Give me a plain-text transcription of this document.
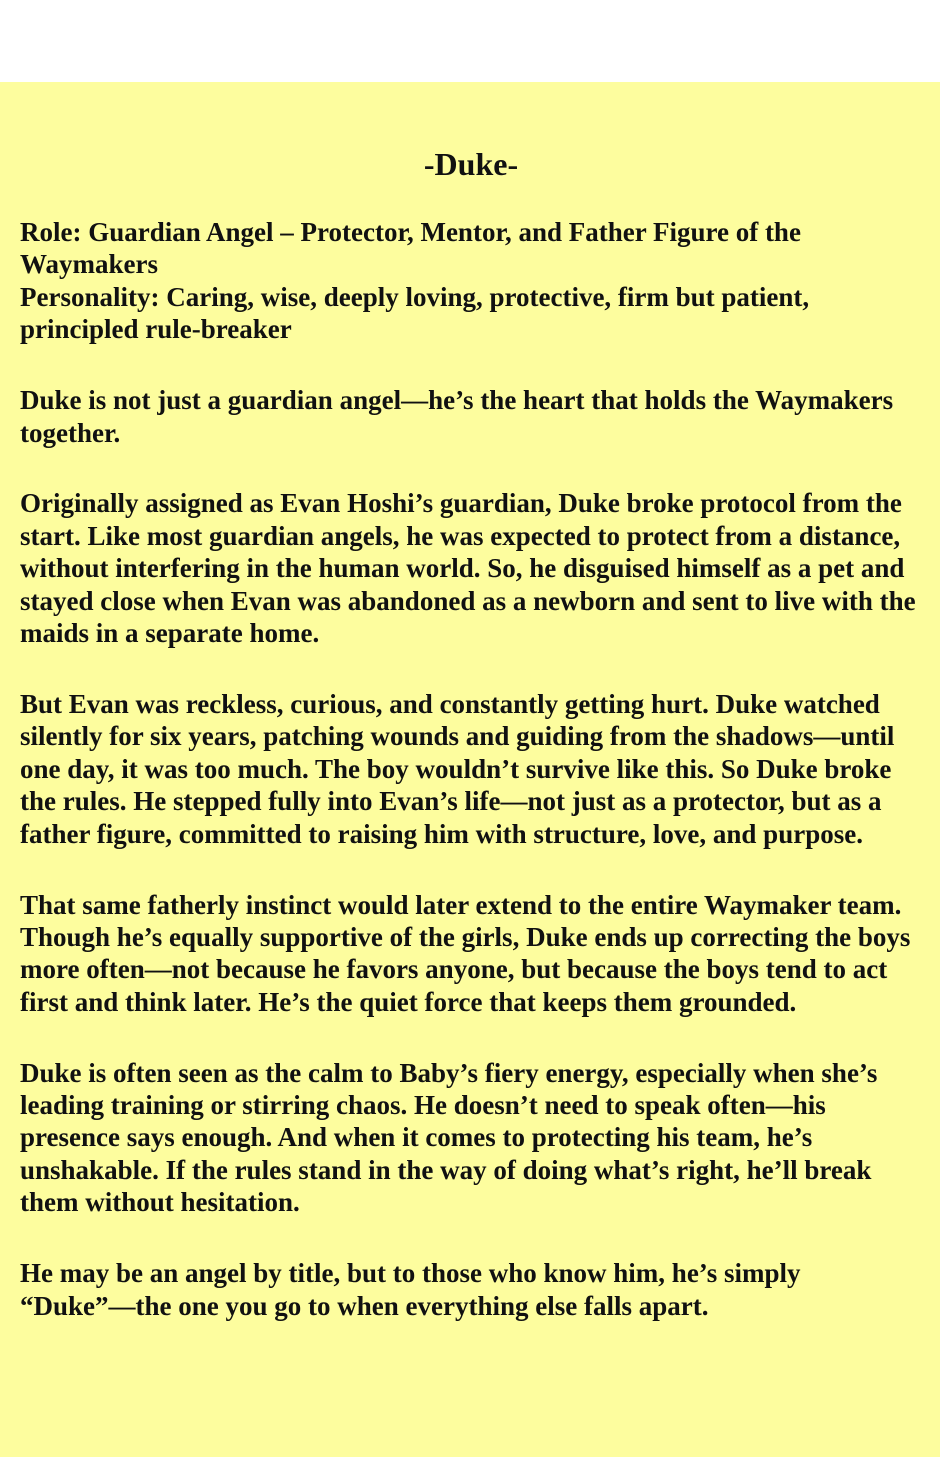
-Duke-
Role: Guardian Angel – Protector, Mentor, and Father Figure of the Waymakers
Personality: Caring, wise, deeply loving, protective, firm but patient, principled rule-breaker
Duke is not just a guardian angel—he’s the heart that holds the Waymakers together.
Originally assigned as Evan Hoshi’s guardian, Duke broke protocol from the start. Like most guardian angels, he was expected to protect from a distance, without interfering in the human world. So, he disguised himself as a pet and stayed close when Evan was abandoned as a newborn and sent to live with the maids in a separate home.
But Evan was reckless, curious, and constantly getting hurt. Duke watched silently for six years, patching wounds and guiding from the shadows—until one day, it was too much. The boy wouldn’t survive like this. So Duke broke the rules. He stepped fully into Evan’s life—not just as a protector, but as a father figure, committed to raising him with structure, love, and purpose.
That same fatherly instinct would later extend to the entire Waymaker team. Though he’s equally supportive of the girls, Duke ends up correcting the boys more often—not because he favors anyone, but because the boys tend to act first and think later. He’s the quiet force that keeps them grounded.
Duke is often seen as the calm to Baby’s fiery energy, especially when she’s leading training or stirring chaos. He doesn’t need to speak often—his presence says enough. And when it comes to protecting his team, he’s unshakable. If the rules stand in the way of doing what’s right, he’ll break them without hesitation.
He may be an angel by title, but to those who know him, he’s simply “Duke”—the one you go to when everything else falls apart.
